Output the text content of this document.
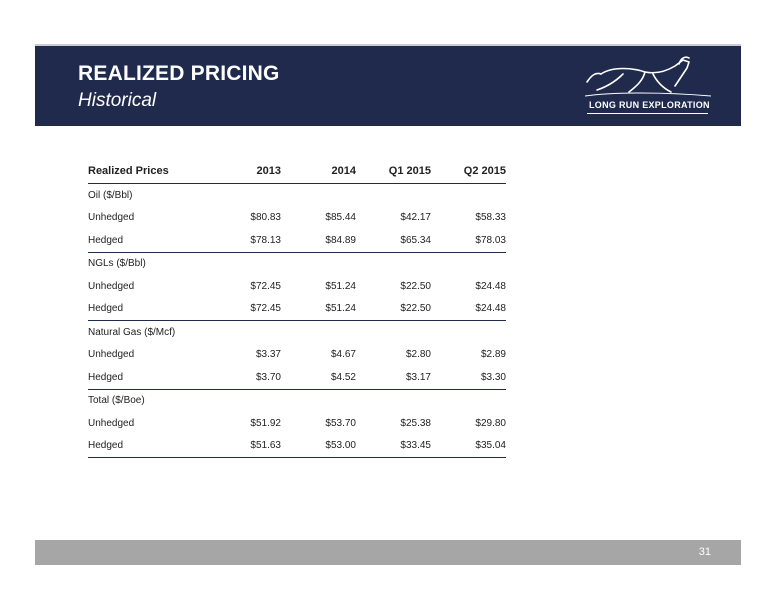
REALIZED PRICING
Historical	LONG RUN EXPLORATION
Realized Prices	2013	2014	Q1 2015	Q2 2015
Oil ($/Bbl)				
Unhedged	$80.83	$85.44	$42.17	$58.33
Hedged	$78.13	$84.89	$65.34	$78.03
NGLs ($/Bbl)				
Unhedged	$72.45	$51.24	$22.50	$24.48
Hedged	$72.45	$51.24	$22.50	$24.48
Natural Gas ($/Mcf)				
Unhedged	$3.37	$4.67	$2.80	$2.89
Hedged	$3.70	$4.52	$3.17	$3.30
Total ($/Boe)				
Unhedged	$51.92	$53.70	$25.38	$29.80
Hedged	$51.63	$53.00	$33.45	$35.04
31
